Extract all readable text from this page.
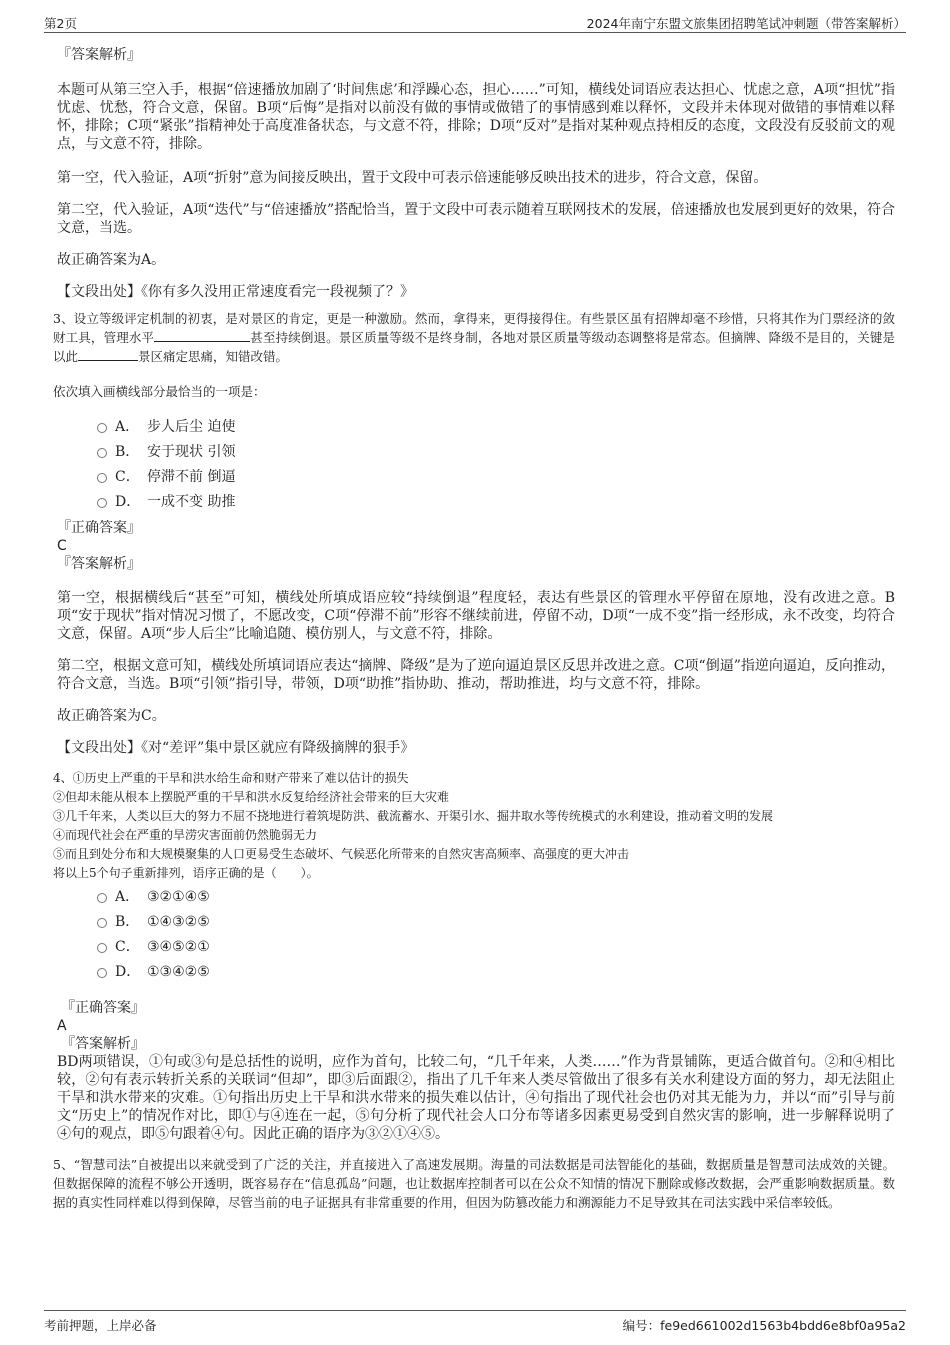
第2页	2024年南宁东盟文旅集团招聘笔试冲刺题（带答案解析）

『答案解析』

本题可从第三空入手，根据“倍速播放加剧了‘时间焦虑’和浮躁心态，担心……”可知，横线处词语应表达担心、忧虑之意，A项“担忧”指忧虑、忧愁，符合文意，保留。B项“后悔”是指对以前没有做的事情或做错了的事情感到难以释怀，文段并未体现对做错的事情难以释怀，排除；C项“紧张”指精神处于高度准备状态，与文意不符，排除；D项“反对”是指对某种观点持相反的态度，文段没有反驳前文的观点，与文意不符，排除。

第一空，代入验证，A项“折射”意为间接反映出，置于文段中可表示倍速能够反映出技术的进步，符合文意，保留。

第二空，代入验证，A项“迭代”与“倍速播放”搭配恰当，置于文段中可表示随着互联网技术的发展，倍速播放也发展到更好的效果，符合文意，当选。

故正确答案为A。

【文段出处】《你有多久没用正常速度看完一段视频了？》

3、设立等级评定机制的初衷，是对景区的肯定，更是一种激励。然而，拿得来，更得接得住。有些景区虽有招牌却毫不珍惜，只将其作为门票经济的敛财工具，管理水平	甚至持续倒退。景区质量等级不是终身制，各地对景区质量等级动态调整将是常态。但摘牌、降级不是目的，关键是以此	景区痛定思痛，知错改错。

依次填入画横线部分最恰当的一项是：

A． 步人后尘 迫使
B． 安于现状 引领
C． 停滞不前 倒逼
D． 一成不变 助推

『正确答案』

C

『答案解析』

第一空，根据横线后“甚至”可知，横线处所填成语应较“持续倒退”程度轻，表达有些景区的管理水平停留在原地，没有改进之意。B项“安于现状”指对情况习惯了，不愿改变，C项“停滞不前”形容不继续前进，停留不动，D项“一成不变”指一经形成，永不改变，均符合文意，保留。A项“步人后尘”比喻追随、模仿别人，与文意不符，排除。

第二空，根据文意可知，横线处所填词语应表达“摘牌、降级”是为了逆向逼迫景区反思并改进之意。C项“倒逼”指逆向逼迫，反向推动，符合文意，当选。B项“引领”指引导，带领，D项“助推”指协助、推动，帮助推进，均与文意不符，排除。

故正确答案为C。

【文段出处】《对“差评”集中景区就应有降级摘牌的狠手》

4、①历史上严重的干旱和洪水给生命和财产带来了难以估计的损失

②但却未能从根本上摆脱严重的干旱和洪水反复给经济社会带来的巨大灾难

③几千年来，人类以巨大的努力不屈不挠地进行着筑堤防洪、截流蓄水、开渠引水、掘井取水等传统模式的水利建设，推动着文明的发展

④而现代社会在严重的旱涝灾害面前仍然脆弱无力

⑤而且到处分布和大规模聚集的人口更易受生态破坏、气候恶化所带来的自然灾害高频率、高强度的更大冲击

将以上5个句子重新排列，语序正确的是（　　）。

A． ③②①④⑤
B． ①④③②⑤
C． ③④⑤②①
D． ①③④②⑤

『正确答案』

A

『答案解析』

BD两项错误，①句或③句是总括性的说明，应作为首句，比较二句，“几千年来，人类……”作为背景铺陈，更适合做首句。②和④相比较，②句有表示转折关系的关联词“但却”，即③后面跟②，指出了几千年来人类尽管做出了很多有关水利建设方面的努力，却无法阻止干旱和洪水带来的灾难。①句指出历史上干旱和洪水带来的损失难以估计，④句指出了现代社会也仍对其无能为力，并以“而”引导与前文“历史上”的情况作对比，即①与④连在一起，⑤句分析了现代社会人口分布等诸多因素更易受到自然灾害的影响，进一步解释说明了④句的观点，即⑤句跟着④句。因此正确的语序为③②①④⑤。

5、“智慧司法”自被提出以来就受到了广泛的关注，并直接进入了高速发展期。海量的司法数据是司法智能化的基础，数据质量是智慧司法成效的关键。但数据保障的流程不够公开透明，既容易存在“信息孤岛”问题，也让数据库控制者可以在公众不知情的情况下删除或修改数据，会严重影响数据质量。数据的真实性同样难以得到保障，尽管当前的电子证据具有非常重要的作用，但因为防篡改能力和溯源能力不足导致其在司法实践中采信率较低。

考前押题，上岸必备	编号：fe9ed661002d1563b4bdd6e8bf0a95a2
